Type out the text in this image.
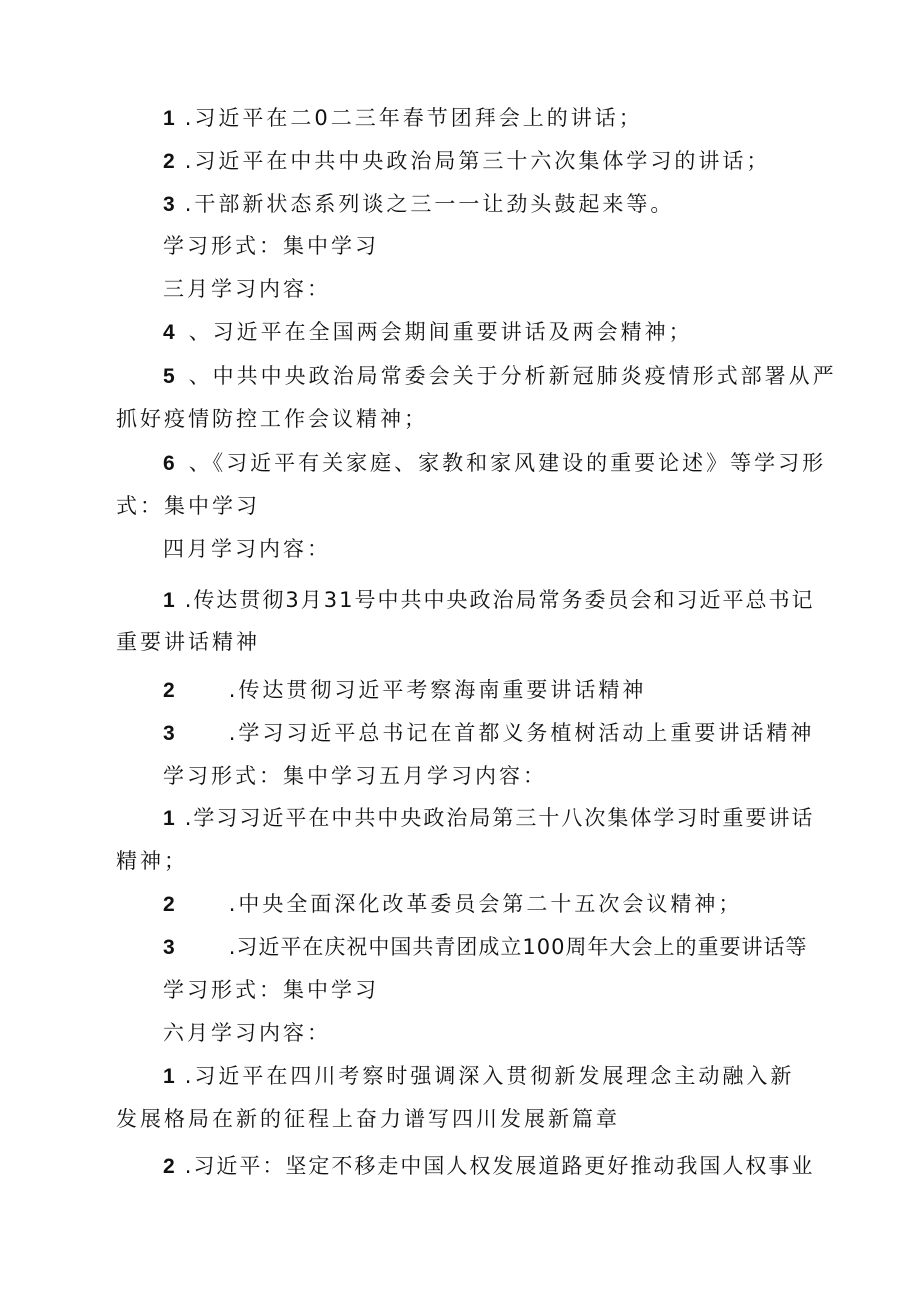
1 .习近平在二0二三年春节团拜会上的讲话；
2 .习近平在中共中央政治局第三十六次集体学习的讲话；
3 .干部新状态系列谈之三一一让劲头鼓起来等。
学习形式：集中学习
三月学习内容：
4 、习近平在全国两会期间重要讲话及两会精神；
5 、中共中央政治局常委会关于分析新冠肺炎疫情形式部署从严
抓好疫情防控工作会议精神；
6 、《习近平有关家庭、家教和家风建设的重要论述》等学习形
式：集中学习
四月学习内容：
1 .传达贯彻3月31号中共中央政治局常务委员会和习近平总书记
重要讲话精神
2	.传达贯彻习近平考察海南重要讲话精神
3	.学习习近平总书记在首都义务植树活动上重要讲话精神
学习形式：集中学习五月学习内容：
1 .学习习近平在中共中央政治局第三十八次集体学习时重要讲话
精神；
2	.中央全面深化改革委员会第二十五次会议精神；
3	.习近平在庆祝中国共青团成立100周年大会上的重要讲话等
学习形式：集中学习
六月学习内容：
1 .习近平在四川考察时强调深入贯彻新发展理念主动融入新
发展格局在新的征程上奋力谱写四川发展新篇章
2 .习近平：坚定不移走中国人权发展道路更好推动我国人权事业
